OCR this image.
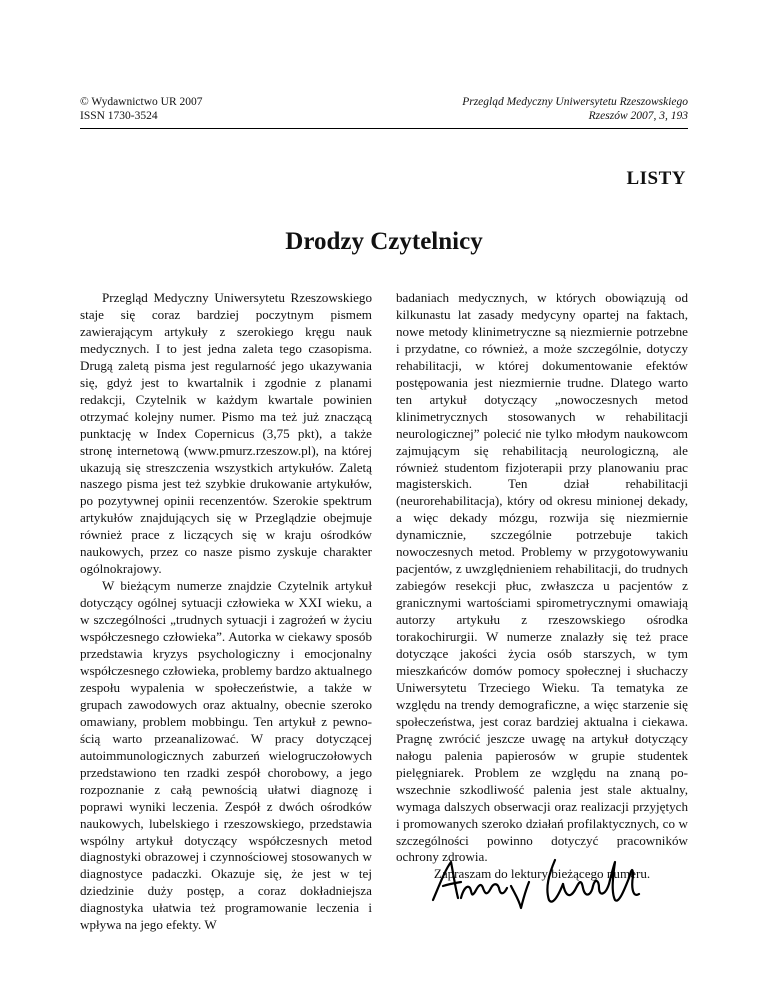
© Wydawnictwo UR 2007
ISSN 1730-3524
Przegląd Medyczny Uniwersytetu Rzeszowskiego
Rzeszów 2007, 3, 193
LISTY
Drodzy Czytelnicy

Przegląd Medyczny Uniwersytetu Rzeszowskiego staje się coraz bardziej poczytnym pismem zawierającym artykuły z szerokiego kręgu nauk medycznych. I to jest jedna zaleta tego czasopisma. Drugą zaletą pisma jest regularność jego ukazywania się, gdyż jest to kwartalnik i zgodnie z planami redakcji, Czytelnik w każdym kwartale powinien otrzymać kolejny numer. Pismo ma też już znaczącą punktację w Index Copernicus (3,75 pkt), a także stronę internetową (www.pmurz.rzeszow.pl), na której ukazują się streszczenia wszystkich artykułów. Zaletą naszego pisma jest też szybkie drukowanie artykułów, po pozytywnej opinii recenzentów. Szerokie spektrum artykułów znajdujących się w Przeglądzie obejmuje również prace z liczących się w kraju ośrodków naukowych, przez co nasze pismo zyskuje charakter ogólnokrajowy.

W bieżącym numerze znajdzie Czytelnik artykuł dotyczący ogólnej sytuacji człowieka w XXI wieku, a w szczególności „trudnych sytuacji i zagrożeń w życiu współczesnego człowieka”. Autorka w ciekawy sposób przedstawia kryzys psychologiczny i emocjonalny współczesnego człowieka, problemy bardzo aktualnego zespołu wypalenia w społeczeństwie, a także w grupach zawodowych oraz aktualny, obecnie szeroko omawiany, problem mobbingu. Ten artykuł z pewnością warto przeanalizować. W pracy dotyczącej autoimmunologicznych zaburzeń wielogruczołowych przedstawiono ten rzadki zespół chorobowy, a jego rozpoznanie z całą pewnością ułatwi diagnozę i poprawi wyniki leczenia. Zespół z dwóch ośrodków naukowych, lubelskiego i rzeszowskiego, przedstawia wspólny artykuł dotyczący współczesnych metod diagnostyki obrazowej i czynnościowej stosowanych w diagnostyce padaczki. Okazuje się, że jest w tej dziedzinie duży postęp, a coraz dokładniejsza diagnostyka ułatwia też programowanie leczenia i wpływa na jego efekty. W

badaniach medycznych, w których obowiązują od kilkunastu lat zasady medycyny opartej na faktach, nowe metody klinimetryczne są niezmiernie potrzebne i przydatne, co również, a może szczególnie, dotyczy rehabilitacji, w której dokumentowanie efektów postępowania jest niezmiernie trudne. Dlatego warto ten artykuł dotyczący „nowoczesnych metod klinimetrycznych stosowanych w rehabilitacji neurologicznej” polecić nie tylko młodym naukowcom zajmującym się rehabilitacją neurologiczną, ale również studentom fizjoterapii przy planowaniu prac magisterskich. Ten dział rehabilitacji (neurorehabilitacja), który od okresu minionej dekady, a więc dekady mózgu, rozwija się niezmiernie dynamicznie, szczególnie potrzebuje takich nowoczesnych metod. Problemy w przygotowywaniu pacjentów, z uwzględnieniem rehabilitacji, do trudnych zabiegów resekcji płuc, zwłaszcza u pacjentów z granicznymi wartościami spirometrycznymi omawiają autorzy artykułu z rzeszowskiego ośrodka torakochirurgii. W numerze znalazły się też prace dotyczące jakości życia osób starszych, w tym mieszkańców domów pomocy społecznej i słuchaczy Uniwersytetu Trzeciego Wieku. Ta tematyka ze względu na trendy demograficzne, a więc starzenie się społeczeństwa, jest coraz bardziej aktualna i ciekawa. Pragnę zwrócić jeszcze uwagę na artykuł dotyczący nałogu palenia papierosów w grupie studentek pielęgniarek. Problem ze względu na znaną powszechnie szkodliwość palenia jest stale aktualny, wymaga dalszych obserwacji oraz realizacji przyjętych i promowanych szeroko działań profilaktycznych, co w szczególności powinno dotyczyć pracowników ochrony zdrowia.

Zapraszam do lektury bieżącego numeru.
